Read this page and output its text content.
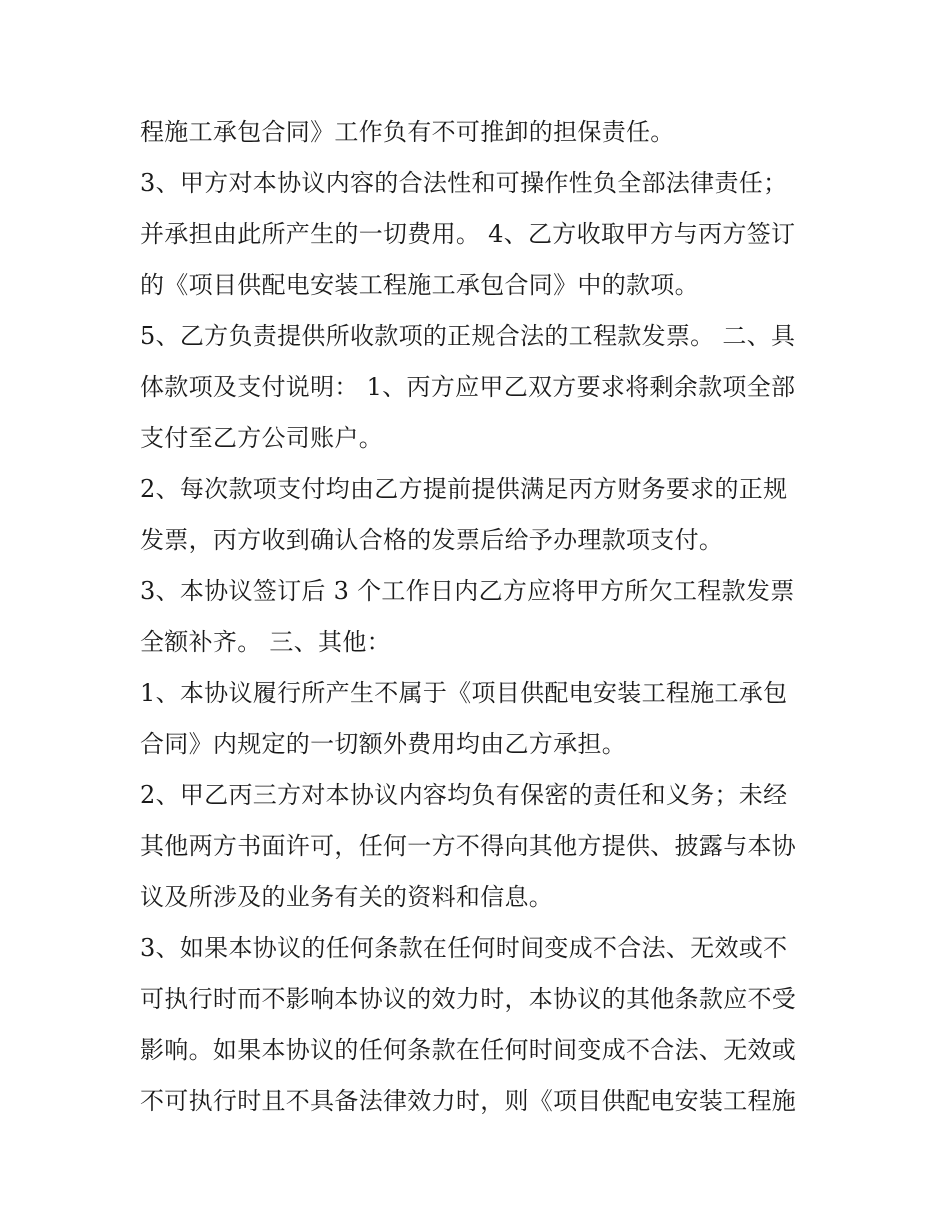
程施工承包合同》工作负有不可推卸的担保责任。
3、甲方对本协议内容的合法性和可操作性负全部法律责任；
并承担由此所产生的一切费用。 4、乙方收取甲方与丙方签订
的《项目供配电安装工程施工承包合同》中的款项。
5、乙方负责提供所收款项的正规合法的工程款发票。 二、具
体款项及支付说明： 1、丙方应甲乙双方要求将剩余款项全部
支付至乙方公司账户。
2、每次款项支付均由乙方提前提供满足丙方财务要求的正规
发票，丙方收到确认合格的发票后给予办理款项支付。
3、本协议签订后 3 个工作日内乙方应将甲方所欠工程款发票
全额补齐。 三、其他：
1、本协议履行所产生不属于《项目供配电安装工程施工承包
合同》内规定的一切额外费用均由乙方承担。
2、甲乙丙三方对本协议内容均负有保密的责任和义务；未经
其他两方书面许可，任何一方不得向其他方提供、披露与本协
议及所涉及的业务有关的资料和信息。
3、如果本协议的任何条款在任何时间变成不合法、无效或不
可执行时而不影响本协议的效力时，本协议的其他条款应不受
影响。如果本协议的任何条款在任何时间变成不合法、无效或
不可执行时且不具备法律效力时，则《项目供配电安装工程施
